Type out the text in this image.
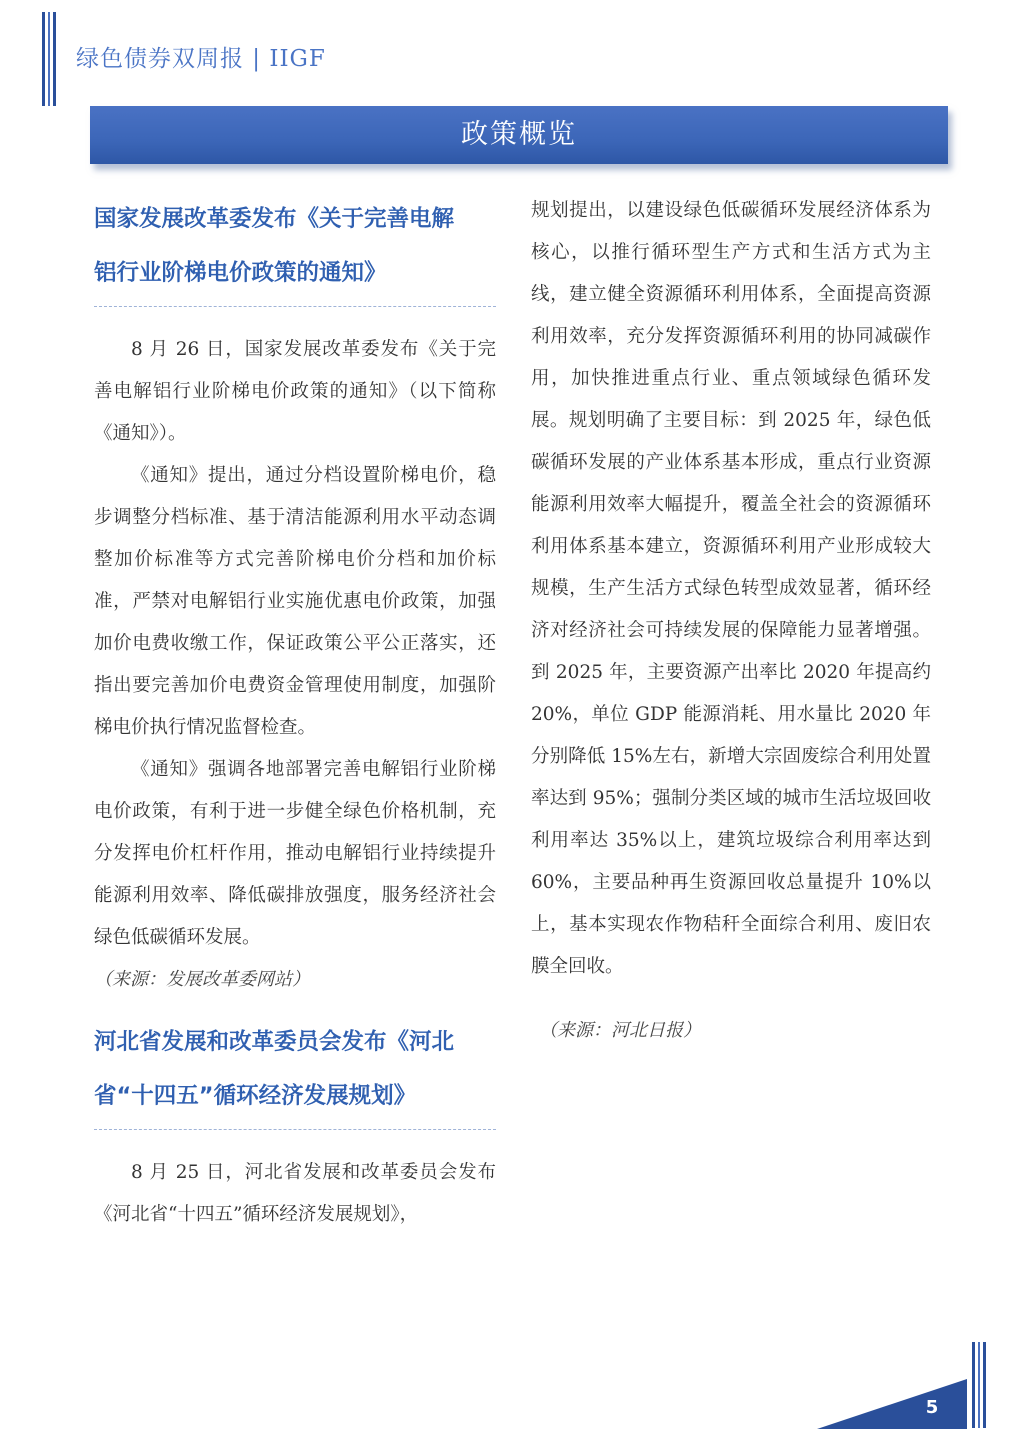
绿色债券双周报 | IIGF
政策概览
国家发展改革委发布《关于完善电解
铝行业阶梯电价政策的通知》

8 月 26 日，国家发展改革委发布《关于完善电解铝行业阶梯电价政策的通知》（以下简称《通知》）。

《通知》提出，通过分档设置阶梯电价，稳步调整分档标准、基于清洁能源利用水平动态调整加价标准等方式完善阶梯电价分档和加价标准，严禁对电解铝行业实施优惠电价政策，加强加价电费收缴工作，保证政策公平公正落实，还指出要完善加价电费资金管理使用制度，加强阶梯电价执行情况监督检查。

《通知》强调各地部署完善电解铝行业阶梯电价政策，有利于进一步健全绿色价格机制，充分发挥电价杠杆作用，推动电解铝行业持续提升能源利用效率、降低碳排放强度，服务经济社会绿色低碳循环发展。

（来源：发展改革委网站）

河北省发展和改革委员会发布《河北
省“十四五”循环经济发展规划》

8 月 25 日，河北省发展和改革委员会发布《河北省“十四五”循环经济发展规划》，

规划提出，以建设绿色低碳循环发展经济体系为核心，以推行循环型生产方式和生活方式为主线，建立健全资源循环利用体系，全面提高资源利用效率，充分发挥资源循环利用的协同减碳作用，加快推进重点行业、重点领域绿色循环发展。规划明确了主要目标：到 2025 年，绿色低碳循环发展的产业体系基本形成，重点行业资源能源利用效率大幅提升，覆盖全社会的资源循环利用体系基本建立，资源循环利用产业形成较大规模，生产生活方式绿色转型成效显著，循环经济对经济社会可持续发展的保障能力显著增强。到 2025 年，主要资源产出率比 2020 年提高约 20%，单位 GDP 能源消耗、用水量比 2020 年分别降低 15%左右，新增大宗固废综合利用处置率达到 95%；强制分类区域的城市生活垃圾回收利用率达 35%以上，建筑垃圾综合利用率达到 60%，主要品种再生资源回收总量提升 10%以上，基本实现农作物秸秆全面综合利用、废旧农膜全回收。

（来源：河北日报）

5
